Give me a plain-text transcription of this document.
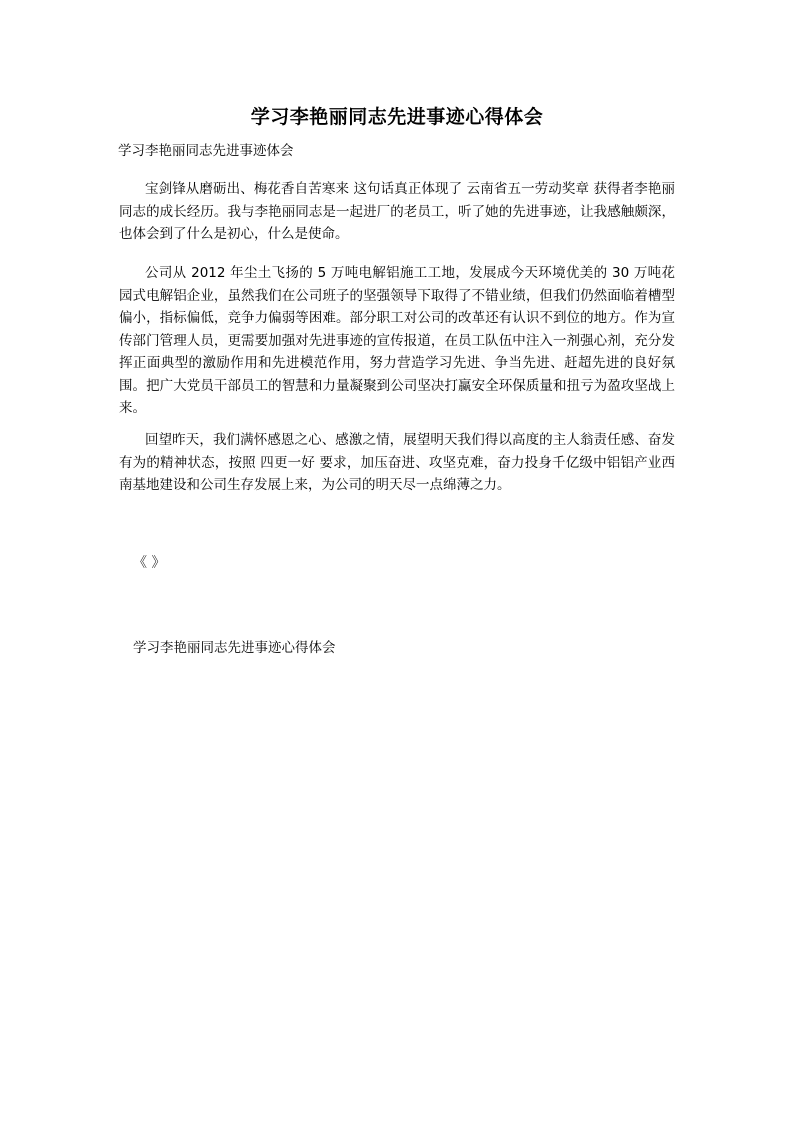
学习李艳丽同志先进事迹心得体会
学习李艳丽同志先进事迹体会
宝剑锋从磨砺出、梅花香自苦寒来 这句话真正体现了 云南省五一劳动奖章 获得者李艳丽同志的成长经历。我与李艳丽同志是一起进厂的老员工，听了她的先进事迹，让我感触颇深，也体会到了什么是初心，什么是使命。
公司从 2012 年尘土飞扬的 5 万吨电解铝施工工地，发展成今天环境优美的 30 万吨花园式电解铝企业，虽然我们在公司班子的坚强领导下取得了不错业绩，但我们仍然面临着槽型偏小，指标偏低，竞争力偏弱等困难。部分职工对公司的改革还有认识不到位的地方。作为宣传部门管理人员，更需要加强对先进事迹的宣传报道，在员工队伍中注入一剂强心剂，充分发挥正面典型的激励作用和先进模范作用，努力营造学习先进、争当先进、赶超先进的良好氛围。把广大党员干部员工的智慧和力量凝聚到公司坚决打赢安全环保质量和扭亏为盈攻坚战上来。
回望昨天，我们满怀感恩之心、感激之情，展望明天我们得以高度的主人翁责任感、奋发有为的精神状态，按照 四更一好 要求，加压奋进、攻坚克难，奋力投身千亿级中铝铝产业西南基地建设和公司生存发展上来，为公司的明天尽一点绵薄之力。
《 》
学习李艳丽同志先进事迹心得体会
